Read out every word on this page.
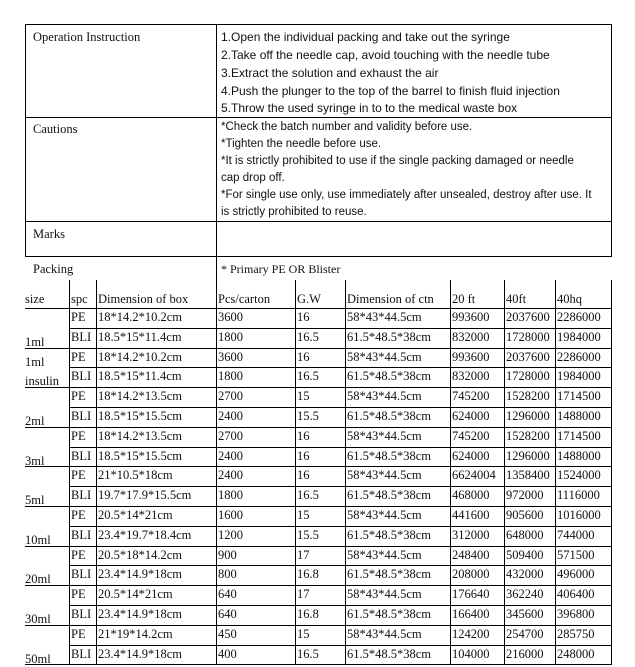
Operation Instruction	1.Open the individual packing and take out the syringe
2.Take off the needle cap, avoid touching with the needle tube
3.Extract the solution and exhaust the air
4.Push the plunger to the top of the barrel to finish fluid injection
5.Throw the used syringe in to to the medical waste box
Cautions	*Check the batch number and validity before use.
*Tighten the needle before use.
*It is strictly prohibited to use if the single packing damaged or needle
cap drop off.
*For single use only, use immediately after unsealed, destroy after use. It
is strictly prohibited to reuse.
Marks
Packing	* Primary PE OR Blister
size spc Dimension of box Pcs/carton G.W Dimension of ctn 20 ft 40ft 40hq
PE 18*14.2*10.2cm	3600	16	58*43*44.5cm 993600 2037600 2286000
1ml BLI 18.5*15*11.4cm	1800	16.5 61.5*48.5*38cm 832000 1728000 1984000
1ml PE 18*14.2*10.2cm	3600	16	58*43*44.5cm 993600 2037600 2286000
insulin BLI 18.5*15*11.4cm	1800	16.5 61.5*48.5*38cm 832000 1728000 1984000
PE 18*14.2*13.5cm	2700	15	58*43*44.5cm 745200 1528200 1714500
2ml BLI 18.5*15*15.5cm	2400	15.5 61.5*48.5*38cm 624000 1296000 1488000
PE 18*14.2*13.5cm	2700	16	58*43*44.5cm 745200 1528200 1714500
3ml BLI 18.5*15*15.5cm	2400	16	61.5*48.5*38cm 624000 1296000 1488000
PE 21*10.5*18cm	2400	16	58*43*44.5cm 6624004 1358400 1524000
5ml BLI 19.7*17.9*15.5cm 1800	16.5 61.5*48.5*38cm 468000 972000 1116000
PE 20.5*14*21cm	1600	15	58*43*44.5cm 441600 905600 1016000
10ml BLI 23.4*19.7*18.4cm 1200	15.5 61.5*48.5*38cm 312000 648000 744000
PE 20.5*18*14.2cm	900	17	58*43*44.5cm 248400 509400 571500
20ml BLI 23.4*14.9*18cm	800	16.8 61.5*48.5*38cm 208000 432000 496000
PE 20.5*14*21cm	640	17	58*43*44.5cm 176640 362240 406400
30ml BLI 23.4*14.9*18cm	640	16.8 61.5*48.5*38cm 166400 345600 396800
PE 21*19*14.2cm	450	15	58*43*44.5cm 124200 254700 285750
50ml BLI 23.4*14.9*18cm	400	16.5 61.5*48.5*38cm 104000 216000 248000
